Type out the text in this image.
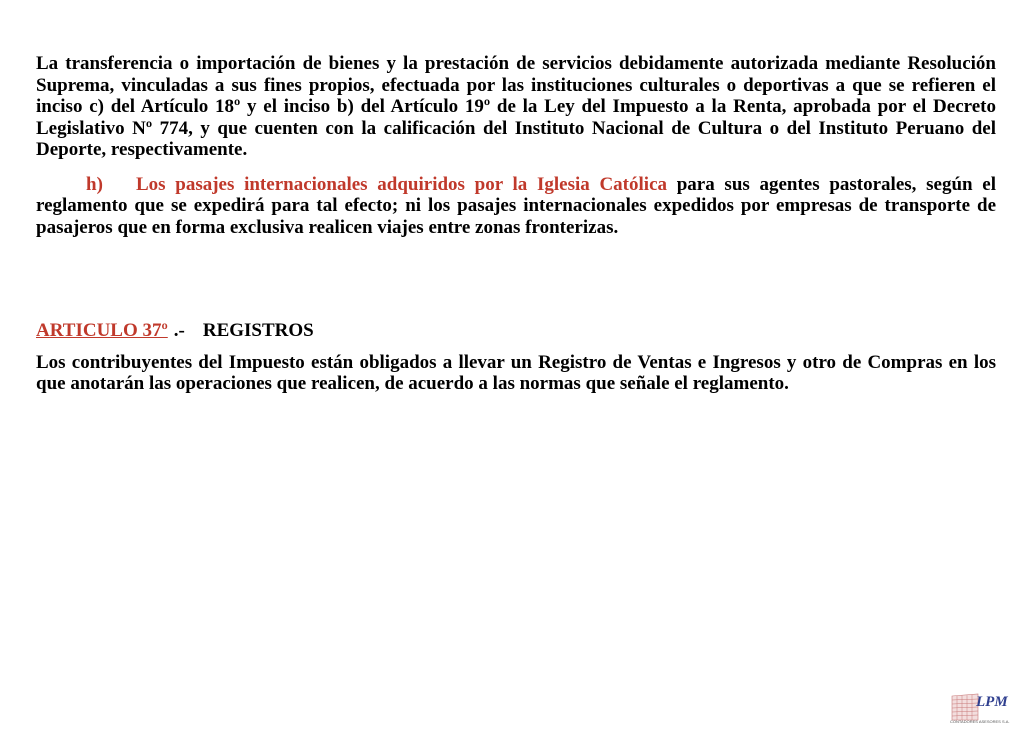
La transferencia o importación de bienes y la prestación de servicios debidamente autorizada mediante Resolución Suprema, vinculadas a sus fines propios, efectuada por las instituciones culturales o deportivas a que se refieren el inciso c) del Artículo 18º y el inciso b) del Artículo 19º de la Ley del Impuesto a la Renta, aprobada por el Decreto Legislativo Nº 774, y que cuenten con la calificación del Instituto Nacional de Cultura o del Instituto Peruano del Deporte, respectivamente.

h) Los pasajes internacionales adquiridos por la Iglesia Católica para sus agentes pastorales, según el reglamento que se expedirá para tal efecto; ni los pasajes internacionales expedidos por empresas de transporte de pasajeros que en forma exclusiva realicen viajes entre zonas fronterizas.
ARTICULO 37º .- REGISTROS

Los contribuyentes del Impuesto están obligados a llevar un Registro de Ventas e Ingresos y otro de Compras en los que anotarán las operaciones que realicen, de acuerdo a las normas que señale el reglamento.

LPM
CONTADORES ASESORES S.A.
